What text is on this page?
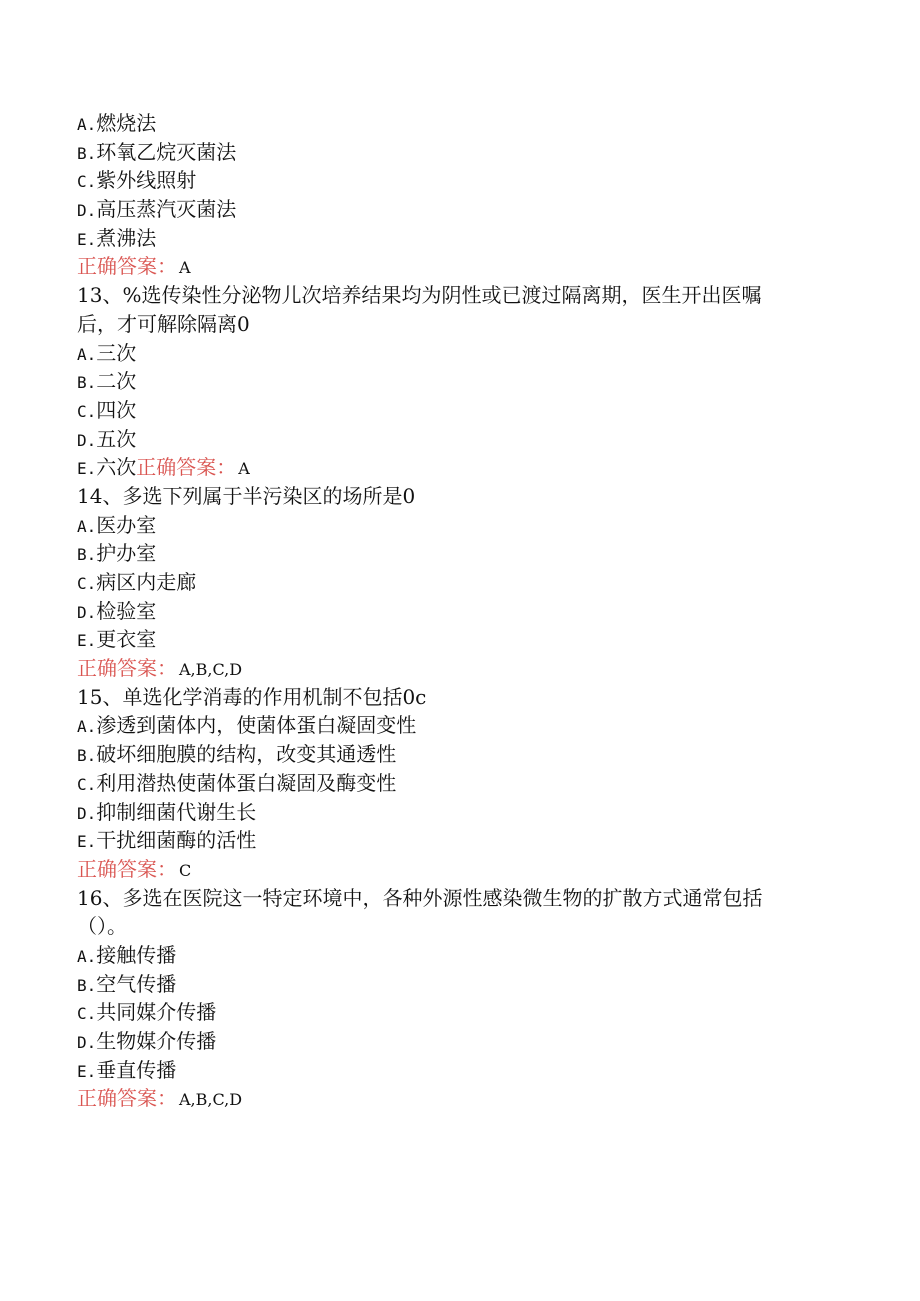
A.燃烧法
B.环氧乙烷灭菌法
C.紫外线照射
D.高压蒸汽灭菌法
E.煮沸法
正确答案： A
13、%选传染性分泌物儿次培养结果均为阴性或已渡过隔离期，医生开出医嘱
后，才可解除隔离0
A.三次
B.二次
C.四次
D.五次
E.六次正确答案： A
14、多选下列属于半污染区的场所是0
A.医办室
B.护办室
C.病区内走廊
D.检验室
E.更衣室
正确答案： A,B,C,D
15、单选化学消毒的作用机制不包括0c
A.渗透到菌体内，使菌体蛋白凝固变性
B.破坏细胞膜的结构，改变其通透性
C.利用潜热使菌体蛋白凝固及酶变性
D.抑制细菌代谢生长
E.干扰细菌酶的活性
正确答案： C
16、多选在医院这一特定环境中，各种外源性感染微生物的扩散方式通常包括
（）。
A.接触传播
B.空气传播
C.共同媒介传播
D.生物媒介传播
E.垂直传播
正确答案： A,B,C,D
